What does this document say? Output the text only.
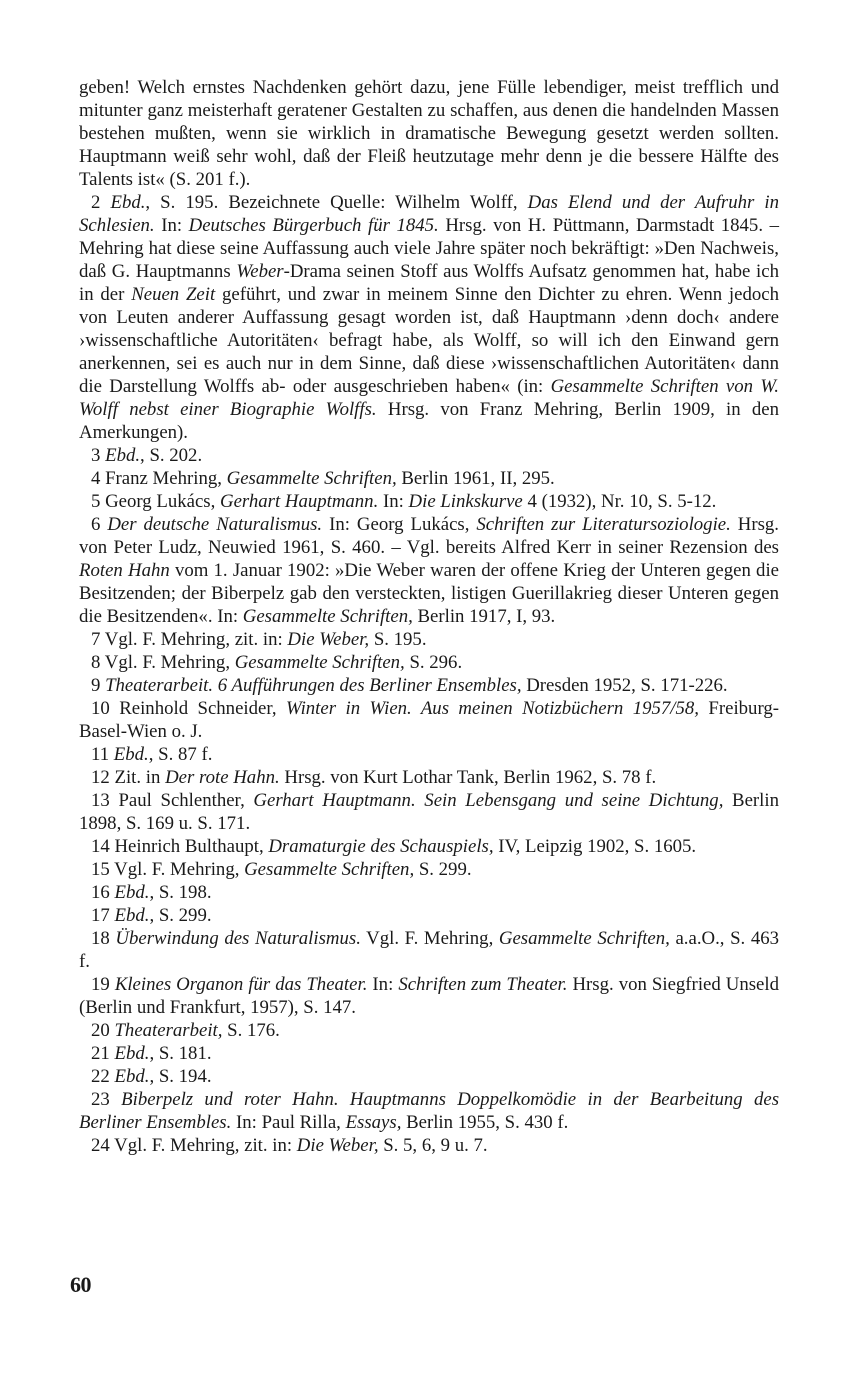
geben! Welch ernstes Nachdenken gehört dazu, jene Fülle lebendiger, meist trefflich und mitunter ganz meisterhaft geratener Gestalten zu schaffen, aus denen die handelnden Massen bestehen mußten, wenn sie wirklich in dramatische Bewegung gesetzt werden sollten. Hauptmann weiß sehr wohl, daß der Fleiß heutzutage mehr denn je die bessere Hälfte des Talents ist« (S. 201 f.).

2 Ebd., S. 195. Bezeichnete Quelle: Wilhelm Wolff, Das Elend und der Aufruhr in Schlesien. In: Deutsches Bürgerbuch für 1845. Hrsg. von H. Püttmann, Darmstadt 1845. – Mehring hat diese seine Auffassung auch viele Jahre später noch bekräftigt: »Den Nachweis, daß G. Hauptmanns Weber-Drama seinen Stoff aus Wolffs Aufsatz genommen hat, habe ich in der Neuen Zeit geführt, und zwar in meinem Sinne den Dichter zu ehren. Wenn jedoch von Leuten anderer Auffassung gesagt worden ist, daß Hauptmann ›denn doch‹ andere ›wissenschaftliche Autoritäten‹ befragt habe, als Wolff, so will ich den Einwand gern anerkennen, sei es auch nur in dem Sinne, daß diese ›wissenschaftlichen Autoritäten‹ dann die Darstellung Wolffs ab- oder ausgeschrieben haben« (in: Gesammelte Schriften von W. Wolff nebst einer Biographie Wolffs. Hrsg. von Franz Mehring, Berlin 1909, in den Amerkungen).

3 Ebd., S. 202.

4 Franz Mehring, Gesammelte Schriften, Berlin 1961, II, 295.

5 Georg Lukács, Gerhart Hauptmann. In: Die Linkskurve 4 (1932), Nr. 10, S. 5-12.

6 Der deutsche Naturalismus. In: Georg Lukács, Schriften zur Literatursoziologie. Hrsg. von Peter Ludz, Neuwied 1961, S. 460. – Vgl. bereits Alfred Kerr in seiner Rezension des Roten Hahn vom 1. Januar 1902: »Die Weber waren der offene Krieg der Unteren gegen die Besitzenden; der Biberpelz gab den versteckten, listigen Guerillakrieg dieser Unteren gegen die Besitzenden«. In: Gesammelte Schriften, Berlin 1917, I, 93.

7 Vgl. F. Mehring, zit. in: Die Weber, S. 195.

8 Vgl. F. Mehring, Gesammelte Schriften, S. 296.

9 Theaterarbeit. 6 Aufführungen des Berliner Ensembles, Dresden 1952, S. 171-226.

10 Reinhold Schneider, Winter in Wien. Aus meinen Notizbüchern 1957/58, Freiburg-Basel-Wien o. J.

11 Ebd., S. 87 f.

12 Zit. in Der rote Hahn. Hrsg. von Kurt Lothar Tank, Berlin 1962, S. 78 f.

13 Paul Schlenther, Gerhart Hauptmann. Sein Lebensgang und seine Dichtung, Berlin 1898, S. 169 u. S. 171.

14 Heinrich Bulthaupt, Dramaturgie des Schauspiels, IV, Leipzig 1902, S. 1605.

15 Vgl. F. Mehring, Gesammelte Schriften, S. 299.

16 Ebd., S. 198.

17 Ebd., S. 299.

18 Überwindung des Naturalismus. Vgl. F. Mehring, Gesammelte Schriften, a.a.O., S. 463 f.

19 Kleines Organon für das Theater. In: Schriften zum Theater. Hrsg. von Siegfried Unseld (Berlin und Frankfurt, 1957), S. 147.

20 Theaterarbeit, S. 176.

21 Ebd., S. 181.

22 Ebd., S. 194.

23 Biberpelz und roter Hahn. Hauptmanns Doppelkomödie in der Bearbeitung des Berliner Ensembles. In: Paul Rilla, Essays, Berlin 1955, S. 430 f.

24 Vgl. F. Mehring, zit. in: Die Weber, S. 5, 6, 9 u. 7.

60
